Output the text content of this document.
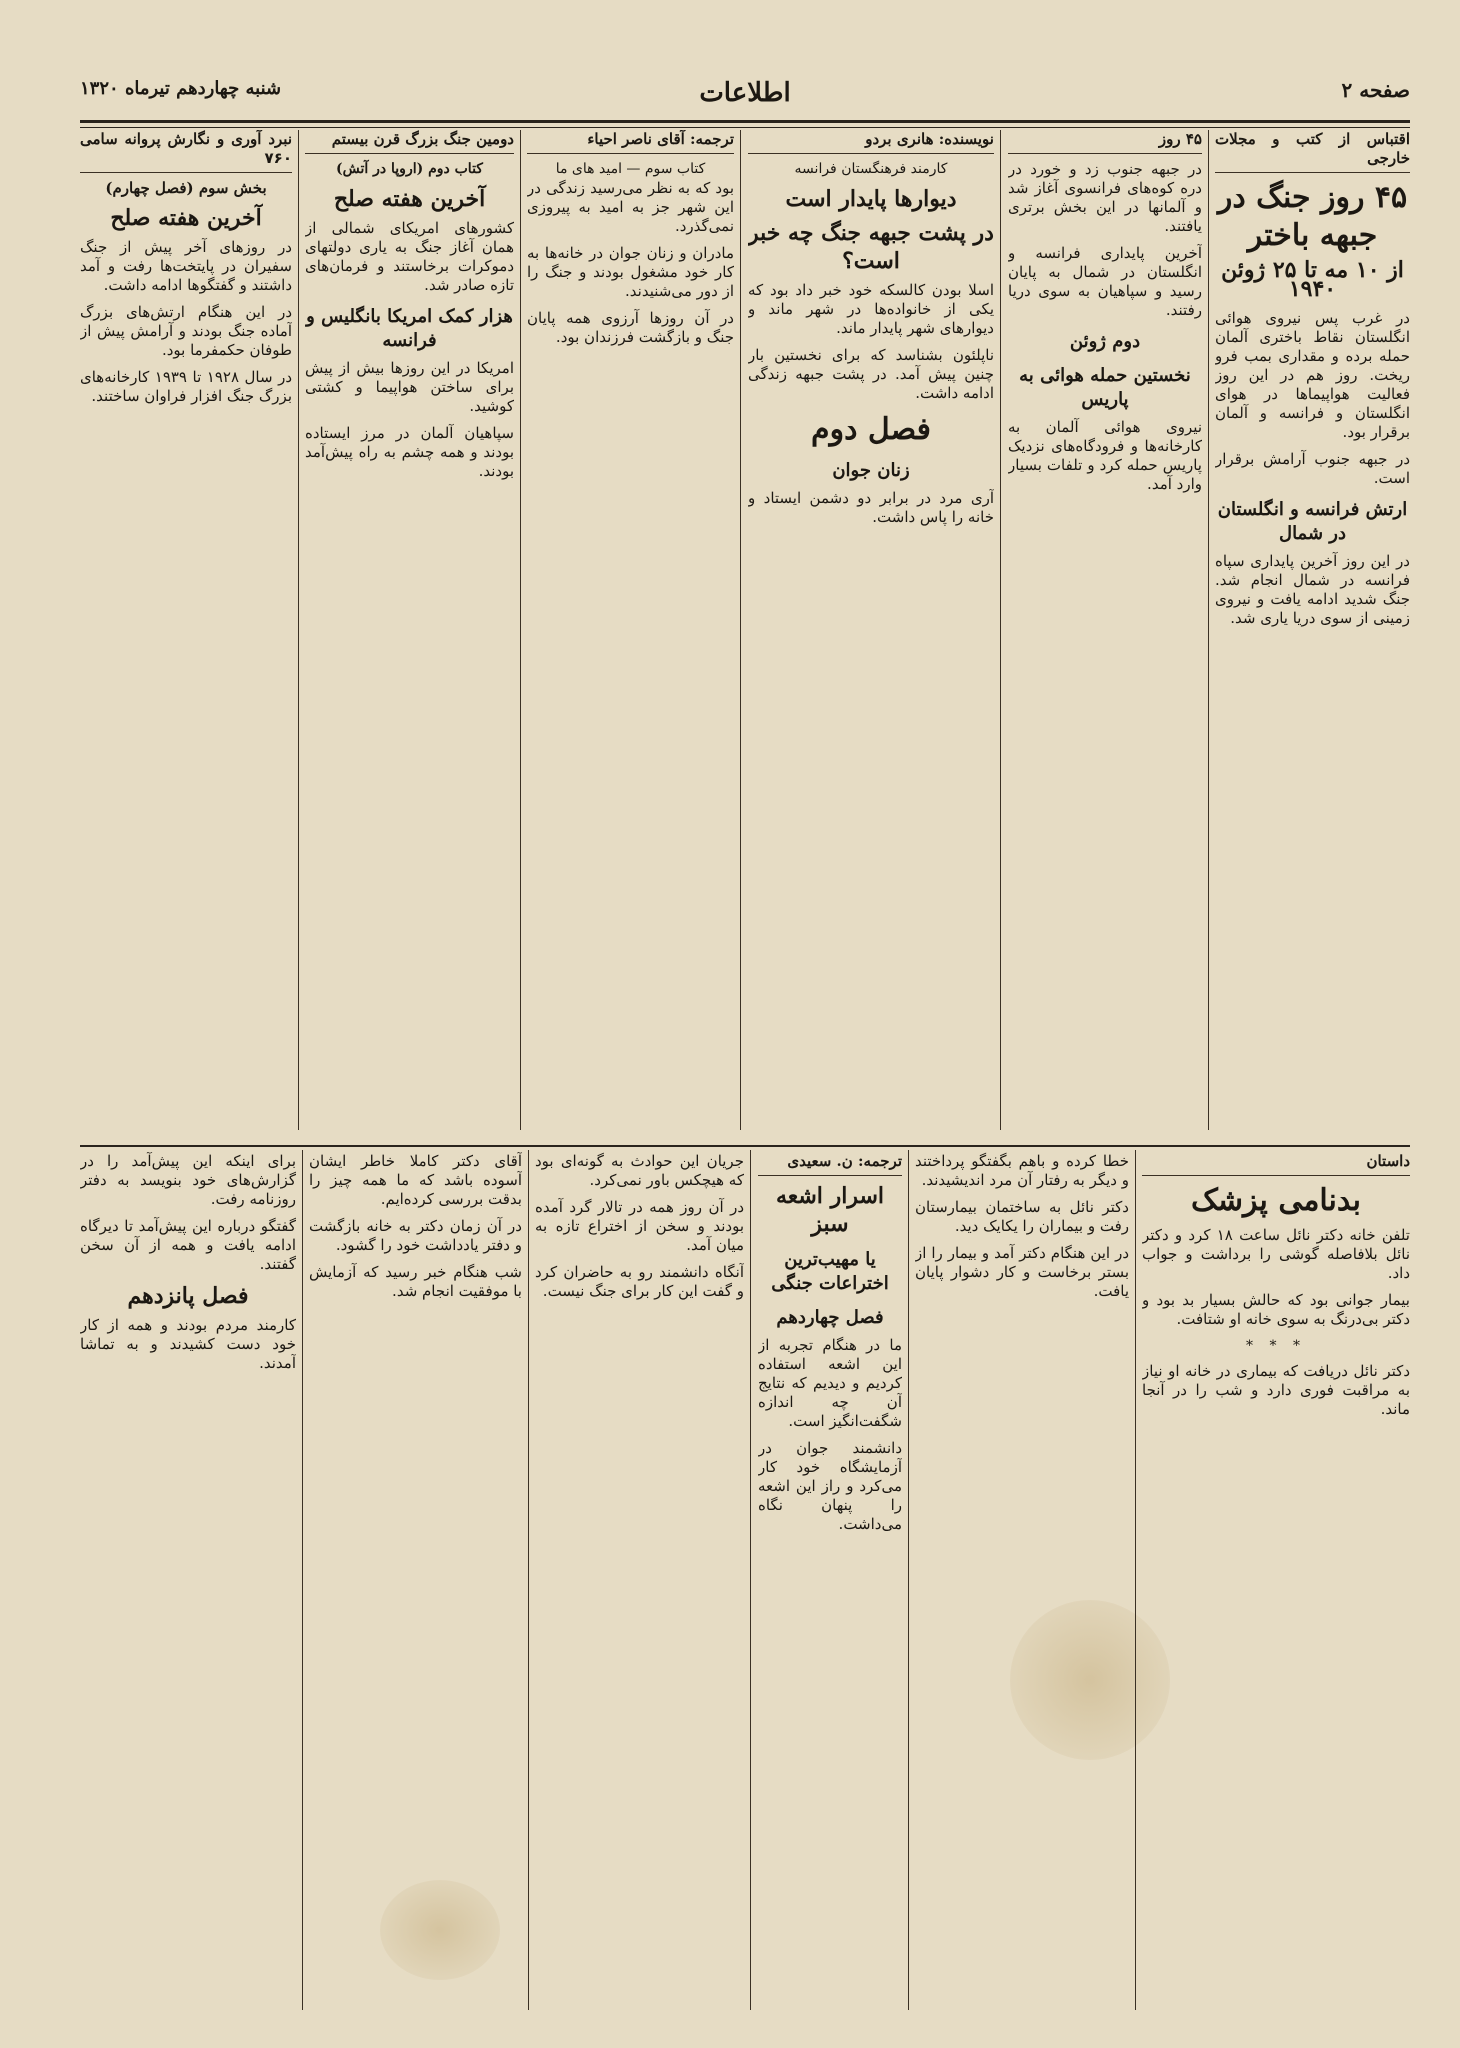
صفحه ۲
اطلاعات
شنبه چهاردهم تیرماه ۱۳۲۰
اقتباس از کتب و مجلات خارجی
۴۵ روز جنگ در جبهه باختر
از ۱۰ مه تا ۲۵ ژوئن ۱۹۴۰

در غرب پس نیروی هوائی انگلستان نقاط باختری آلمان حمله برده و مقداری بمب فرو ریخت. روز هم در این روز فعالیت هواپیماها در هوای انگلستان و فرانسه و آلمان برقرار بود.

در جبهه جنوب آرامش برقرار است.

ارتش فرانسه و انگلستان در شمال

در این روز آخرین پایداری سپاه فرانسه در شمال انجام شد. جنگ شدید ادامه یافت و نیروی زمینی از سوی دریا یاری شد.

۴۵ روز

در جبهه جنوب زد و خورد در دره کوه‌های فرانسوی آغاز شد و آلمانها در این بخش برتری یافتند.

آخرین پایداری فرانسه و انگلستان در شمال به پایان رسید و سپاهیان به سوی دریا رفتند.

دوم ژوئن
نخستین حمله هوائی به پاریس

نیروی هوائی آلمان به کارخانه‌ها و فرودگاه‌های نزدیک پاریس حمله کرد و تلفات بسیار وارد آمد.

نویسنده: هانری بردو
کارمند فرهنگستان فرانسه
دیوارها پایدار است
در پشت جبهه جنگ چه خبر است؟

اسلا بودن کالسکه خود خبر داد بود که یکی از خانواده‌ها در شهر ماند و دیوارهای شهر پایدار ماند.

ناپلئون بشناسد که برای نخستین بار چنین پیش آمد. در پشت جبهه زندگی ادامه داشت.

فصل دوم
زنان جوان

آری مرد در برابر دو دشمن ایستاد و خانه را پاس داشت.

ترجمه: آقای ناصر احیاء
کتاب سوم — امید های ما

بود که به نظر می‌رسید زندگی در این شهر جز به امید به پیروزی نمی‌گذرد.

مادران و زنان جوان در خانه‌ها به کار خود مشغول بودند و جنگ را از دور می‌شنیدند.

در آن روزها آرزوی همه پایان جنگ و بازگشت فرزندان بود.

دومین جنگ بزرگ قرن بیستم
کتاب دوم (اروپا در آتش)
آخرین هفته صلح

کشورهای امریکای شمالی از همان آغاز جنگ به یاری دولتهای دموکرات برخاستند و فرمان‌های تازه صادر شد.

هزار کمک امریکا بانگلیس و فرانسه

امریکا در این روزها بیش از پیش برای ساختن هواپیما و کشتی کوشید.

سپاهیان آلمان در مرز ایستاده بودند و همه چشم به راه پیش‌آمد بودند.

نبرد آوری و نگارش پروانه سامی ۷۶۰
بخش سوم (فصل چهارم)
آخرین هفته صلح

در روزهای آخر پیش از جنگ سفیران در پایتخت‌ها رفت و آمد داشتند و گفتگوها ادامه داشت.

در این هنگام ارتش‌های بزرگ آماده جنگ بودند و آرامش پیش از طوفان حکمفرما بود.

در سال ۱۹۲۸ تا ۱۹۳۹ کارخانه‌های بزرگ جنگ افزار فراوان ساختند.

داستان
بدنامی پزشک

تلفن خانه دکتر نائل ساعت ۱۸ کرد و دکتر نائل بلافاصله گوشی را برداشت و جواب داد.

بیمار جوانی بود که حالش بسیار بد بود و دکتر بی‌درنگ به سوی خانه او شتافت.

* * *

دکتر نائل دریافت که بیماری در خانه او نیاز به مراقبت فوری دارد و شب را در آنجا ماند.

خطا کرده و باهم بگفتگو پرداختند و دیگر به رفتار آن مرد اندیشیدند.

دکتر نائل به ساختمان بیمارستان رفت و بیماران را یکایک دید.

در این هنگام دکتر آمد و بیمار را از بستر برخاست و کار دشوار پایان یافت.

ترجمه: ن. سعیدی
اسرار اشعه سبز
یا مهیب‌ترین اختراعات جنگی
فصل چهاردهم

ما در هنگام تجربه از این اشعه استفاده کردیم و دیدیم که نتایج آن چه اندازه شگفت‌انگیز است.

دانشمند جوان در آزمایشگاه خود کار می‌کرد و راز این اشعه را پنهان نگاه می‌داشت.

جریان این حوادث به گونه‌ای بود که هیچکس باور نمی‌کرد.

در آن روز همه در تالار گرد آمده بودند و سخن از اختراع تازه به میان آمد.

آنگاه دانشمند رو به حاضران کرد و گفت این کار برای جنگ نیست.

آقای دکتر کاملا خاطر ایشان آسوده باشد که ما همه چیز را بدقت بررسی کرده‌ایم.

در آن زمان دکتر به خانه بازگشت و دفتر یادداشت خود را گشود.

شب هنگام خبر رسید که آزمایش با موفقیت انجام شد.

برای اینکه این پیش‌آمد را در گزارش‌های خود بنویسد به دفتر روزنامه رفت.

گفتگو درباره این پیش‌آمد تا دیرگاه ادامه یافت و همه از آن سخن گفتند.

فصل پانزدهم

کارمند مردم بودند و همه از کار خود دست کشیدند و به تماشا آمدند.
